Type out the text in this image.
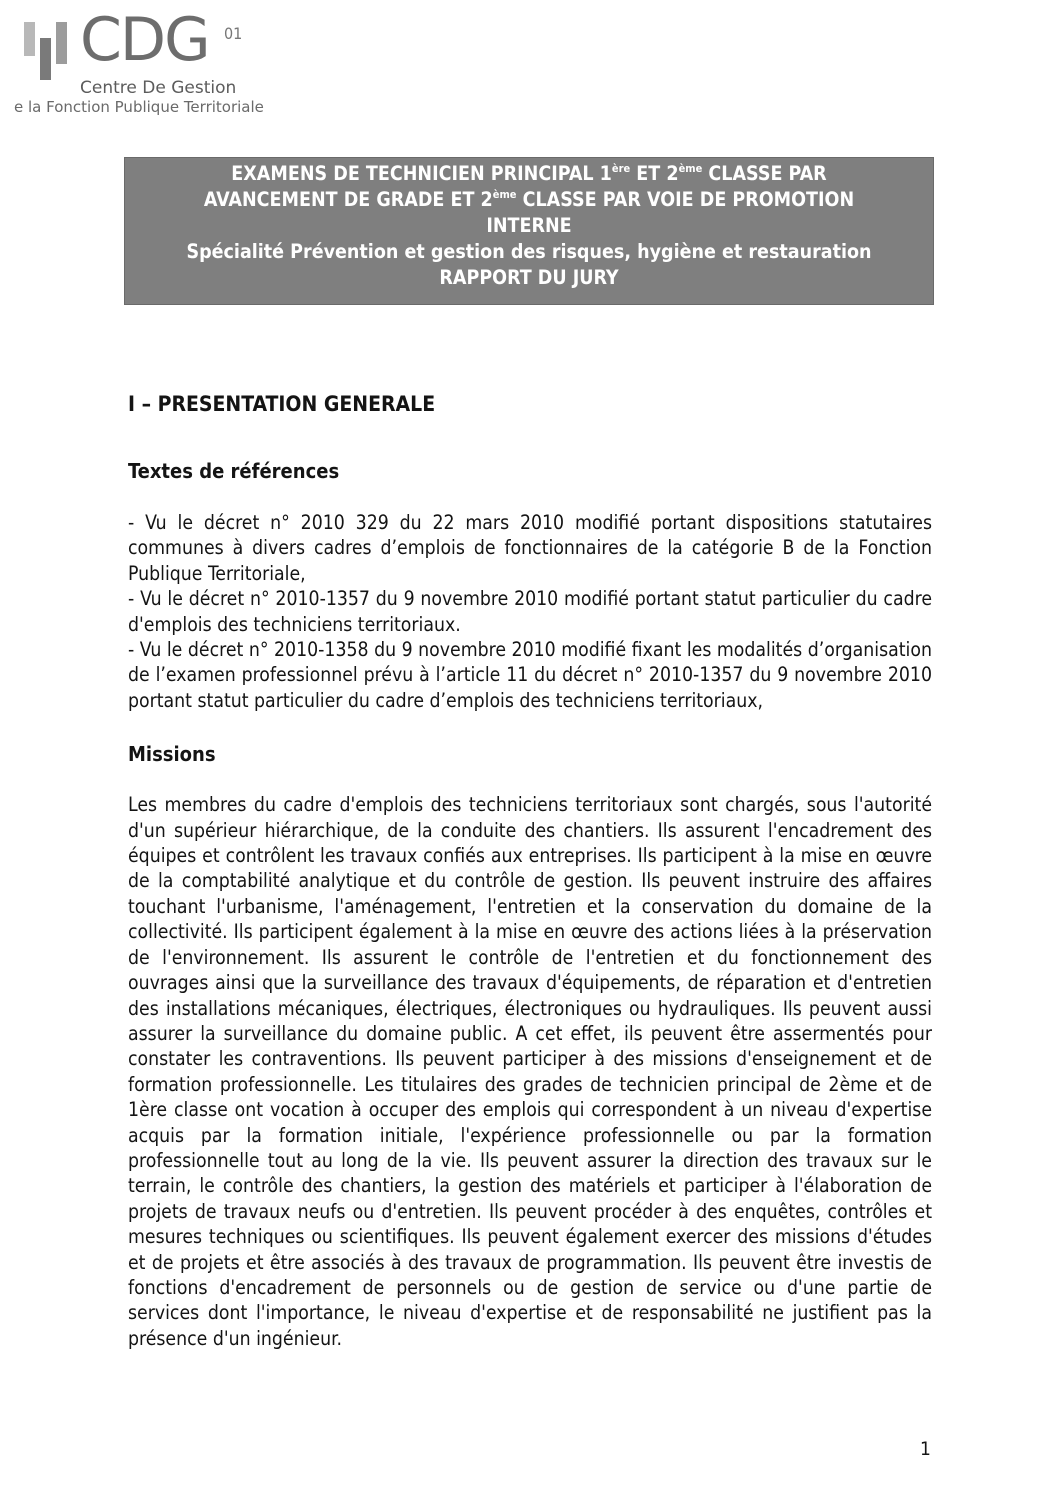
CDG 01
Centre De Gestion
e la Fonction Publique Territoriale
EXAMENS DE TECHNICIEN PRINCIPAL 1ère ET 2ème CLASSE PAR
AVANCEMENT DE GRADE ET 2ème CLASSE PAR VOIE DE PROMOTION
INTERNE
Spécialité Prévention et gestion des risques, hygiène et restauration
RAPPORT DU JURY
I – PRESENTATION GENERALE
Textes de références

- Vu le décret n° 2010 329 du 22 mars 2010 modifié portant dispositions statutaires communes à divers cadres d’emplois de fonctionnaires de la catégorie B de la Fonction Publique Territoriale,

- Vu le décret n° 2010-1357 du 9 novembre 2010 modifié portant statut particulier du cadre d'emplois des techniciens territoriaux.

- Vu le décret n° 2010-1358 du 9 novembre 2010 modifié fixant les modalités d’organisation de l’examen professionnel prévu à l’article 11 du décret n° 2010-1357 du 9 novembre 2010 portant statut particulier du cadre d’emplois des techniciens territoriaux,

Missions

Les membres du cadre d'emplois des techniciens territoriaux sont chargés, sous l'autorité d'un supérieur hiérarchique, de la conduite des chantiers. Ils assurent l'encadrement des équipes et contrôlent les travaux confiés aux entreprises. Ils participent à la mise en œuvre de la comptabilité analytique et du contrôle de gestion. Ils peuvent instruire des affaires touchant l'urbanisme, l'aménagement, l'entretien et la conservation du domaine de la collectivité. Ils participent également à la mise en œuvre des actions liées à la préservation de l'environnement. Ils assurent le contrôle de l'entretien et du fonctionnement des ouvrages ainsi que la surveillance des travaux d'équipements, de réparation et d'entretien des installations mécaniques, électriques, électroniques ou hydrauliques. Ils peuvent aussi assurer la surveillance du domaine public. A cet effet, ils peuvent être assermentés pour constater les contraventions. Ils peuvent participer à des missions d'enseignement et de formation professionnelle. Les titulaires des grades de technicien principal de 2ème et de 1ère classe ont vocation à occuper des emplois qui correspondent à un niveau d'expertise acquis par la formation initiale, l'expérience professionnelle ou par la formation professionnelle tout au long de la vie. Ils peuvent assurer la direction des travaux sur le terrain, le contrôle des chantiers, la gestion des matériels et participer à l'élaboration de projets de travaux neufs ou d'entretien. Ils peuvent procéder à des enquêtes, contrôles et mesures techniques ou scientifiques. Ils peuvent également exercer des missions d'études et de projets et être associés à des travaux de programmation. Ils peuvent être investis de fonctions d'encadrement de personnels ou de gestion de service ou d'une partie de services dont l'importance, le niveau d'expertise et de responsabilité ne justifient pas la présence d'un ingénieur.

1
